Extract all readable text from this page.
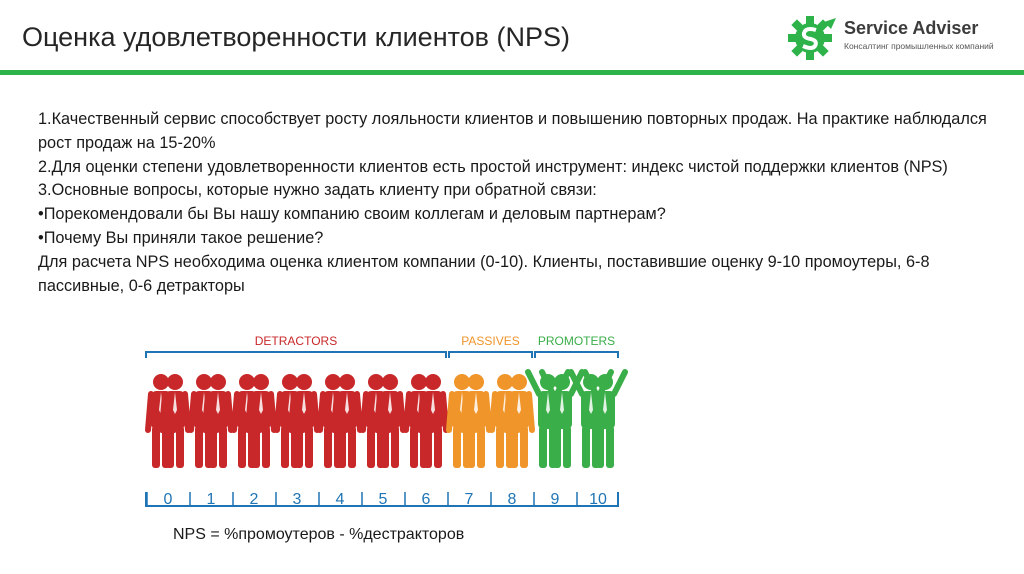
Оценка удовлетворенности клиентов (NPS)	Service Adviser
Консалтинг промышленных компаний

1.Качественный сервис способствует росту лояльности клиентов и повышению повторных продаж. На практике наблюдался рост продаж на 15-20%

2.Для оценки степени удовлетворенности клиентов есть простой инструмент: индекс чистой поддержки клиентов (NPS)

3.Основные вопросы, которые нужно задать клиенту при обратной связи:

•Порекомендовали бы Вы нашу компанию своим коллегам и деловым партнерам?

•Почему Вы приняли такое решение?

Для расчета NPS необходима оценка клиентом компании (0-10). Клиенты, поставившие оценку 9-10 промоутеры, 6-8 пассивные, 0-6 детракторы

DETRACTORS	PASSIVES PROMOTERS
0 1 2 3 4 5 6 7 8 9 10
NPS = %промоутеров - %дестракторов
